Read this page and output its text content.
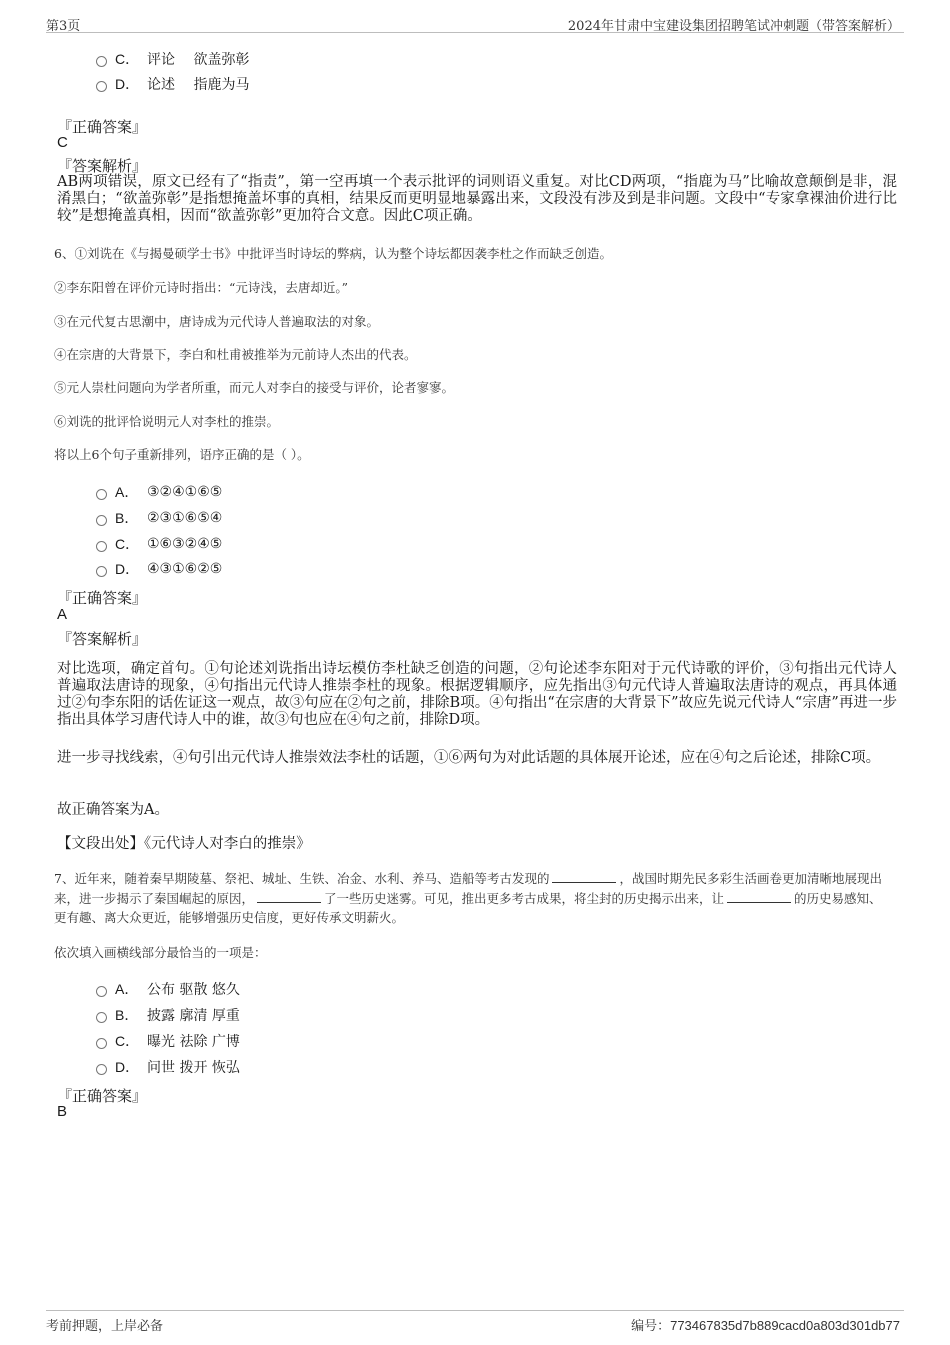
第3页	2024年甘肃中宝建设集团招聘笔试冲刺题（带答案解析）
C． 评论　 欲盖弥彰
D． 论述　 指鹿为马
『正确答案』
C
『答案解析』
AB两项错误，原文已经有了“指责”，第一空再填一个表示批评的词则语义重复。对比CD两项，“指鹿为马”比喻故意颠倒是非，混淆黑白；“欲盖弥彰”是指想掩盖坏事的真相，结果反而更明显地暴露出来，文段没有涉及到是非问题。文段中“专家拿裸油价进行比较”是想掩盖真相，因而“欲盖弥彰”更加符合文意。因此C项正确。
6、①刘诜在《与揭曼硕学士书》中批评当时诗坛的弊病，认为整个诗坛都因袭李杜之作而缺乏创造。
②李东阳曾在评价元诗时指出：“元诗浅，去唐却近。”
③在元代复古思潮中，唐诗成为元代诗人普遍取法的对象。
④在宗唐的大背景下，李白和杜甫被推举为元前诗人杰出的代表。
⑤元人崇杜问题向为学者所重，而元人对李白的接受与评价，论者寥寥。
⑥刘诜的批评恰说明元人对李杜的推崇。
将以上6个句子重新排列，语序正确的是（ ）。
A． ③②④①⑥⑤
B． ②③①⑥⑤④
C． ①⑥③②④⑤
D． ④③①⑥②⑤
『正确答案』
A
『答案解析』
对比选项，确定首句。①句论述刘诜指出诗坛模仿李杜缺乏创造的问题，②句论述李东阳对于元代诗歌的评价，③句指出元代诗人普遍取法唐诗的现象，④句指出元代诗人推崇李杜的现象。根据逻辑顺序，应先指出③句元代诗人普遍取法唐诗的观点，再具体通过②句李东阳的话佐证这一观点，故③句应在②句之前，排除B项。④句指出“在宗唐的大背景下”故应先说元代诗人“宗唐”再进一步指出具体学习唐代诗人中的谁，故③句也应在④句之前，排除D项。
进一步寻找线索，④句引出元代诗人推崇效法李杜的话题，①⑥两句为对此话题的具体展开论述，应在④句之后论述，排除C项。
故正确答案为A。
【文段出处】《元代诗人对李白的推崇》
7、近年来，随着秦早期陵墓、祭祀、城址、生铁、冶金、水利、养马、造船等考古发现的	，战国时期先民多彩生活画卷更加清晰地展现出来，进一步揭示了秦国崛起的原因，	了一些历史迷雾。可见，推出更多考古成果，将尘封的历史揭示出来，让	的历史易感知、更有趣、离大众更近，能够增强历史信度，更好传承文明薪火。
依次填入画横线部分最恰当的一项是：
A． 公布 驱散 悠久
B． 披露 廓清 厚重
C． 曝光 祛除 广博
D． 问世 拨开 恢弘
『正确答案』
B
考前押题，上岸必备	编号：773467835d7b889cacd0a803d301db77
